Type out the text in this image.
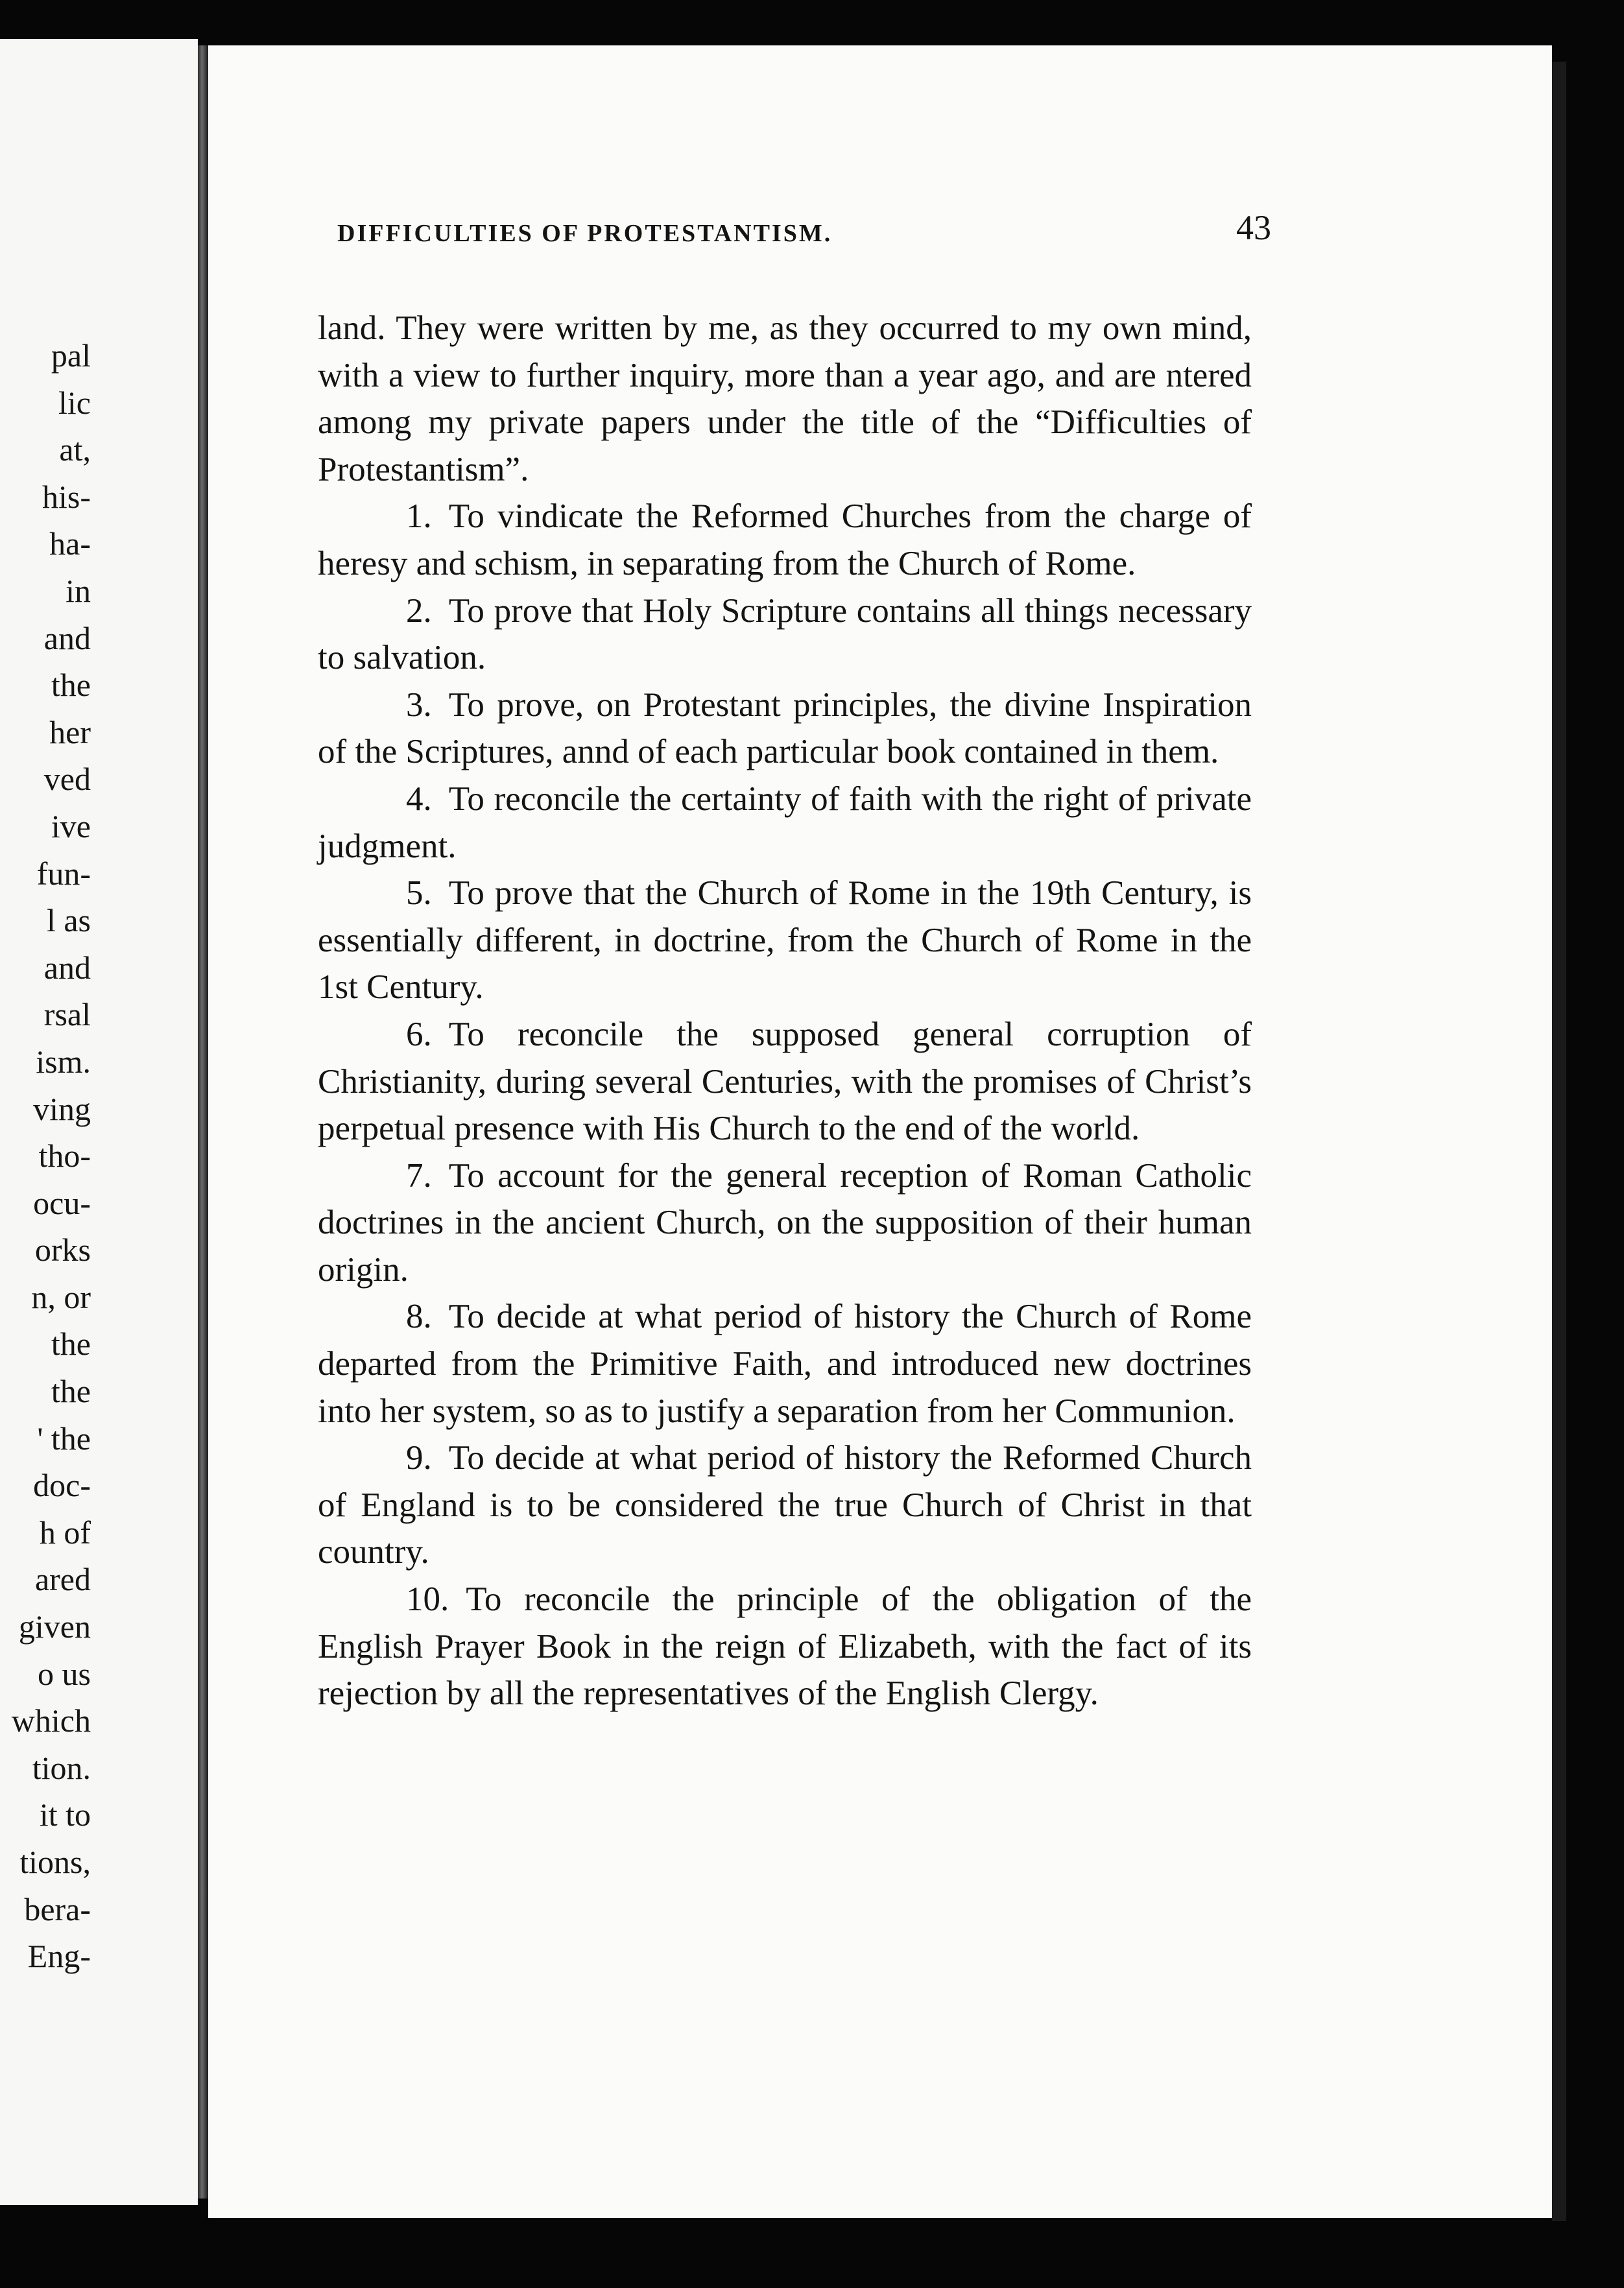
pal
lic
at,
his-
ha-
in
and
the
her
ved
ive
fun-
l as
and
rsal
ism.
ving
tho-
ocu-
orks
n, or
the
the
' the
doc-
h of
ared
given
o us
which
tion.
it to
tions,
bera-
Eng-
DIFFICULTIES OF PROTESTANTISM.	43

land. They were written by me, as they occurred to my own mind, with a view to further inquiry, more than a year ago, and are ntered among my private papers under the title of the “Difficulties of Protestantism”.

1. To vindicate the Reformed Churches from the charge of heresy and schism, in separating from the Church of Rome.

2. To prove that Holy Scripture contains all things necessary to salvation.

3. To prove, on Protestant principles, the divine Inspiration of the Scriptures, annd of each particular book contained in them.

4. To reconcile the certainty of faith with the right of private judgment.

5. To prove that the Church of Rome in the 19th Century, is essentially different, in doctrine, from the Church of Rome in the 1st Century.

6. To reconcile the supposed general corruption of Christianity, during several Centuries, with the promises of Christ’s perpetual presence with His Church to the end of the world.

7. To account for the general reception of Roman Catholic doctrines in the ancient Church, on the supposition of their human origin.

8. To decide at what period of history the Church of Rome departed from the Primitive Faith, and introduced new doctrines into her system, so as to justify a separation from her Communion.

9. To decide at what period of history the Reformed Church of England is to be considered the true Church of Christ in that country.

10. To reconcile the principle of the obligation of the English Prayer Book in the reign of Elizabeth, with the fact of its rejection by all the representatives of the English Clergy.
